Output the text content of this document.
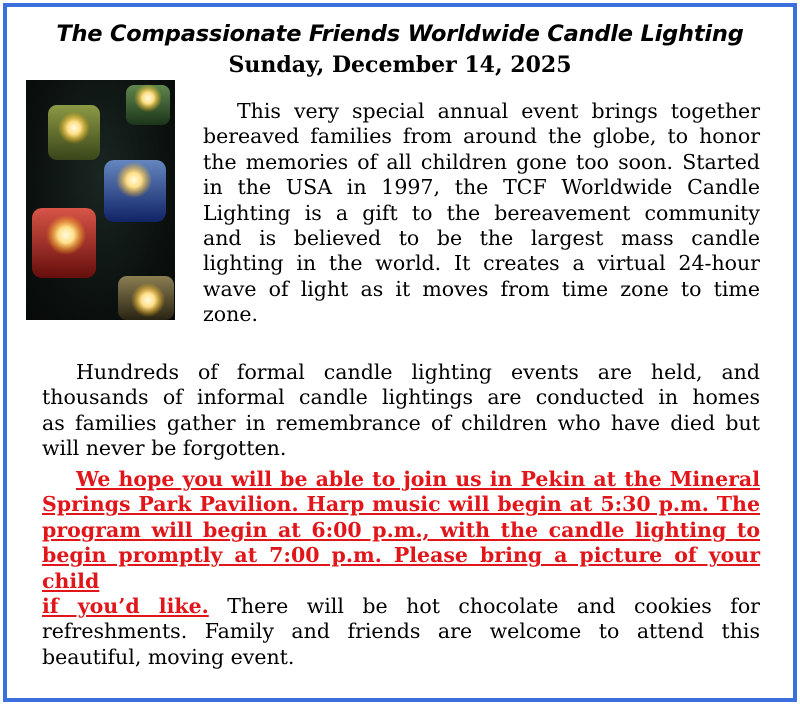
The Compassionate Friends Worldwide Candle Lighting
Sunday, December 14, 2025
This very special annual event brings together
bereaved families from around the globe, to honor
the memories of all children gone too soon. Started
in the USA in 1997, the TCF Worldwide Candle
Lighting is a gift to the bereavement community
and is believed to be the largest mass candle
lighting in the world. It creates a virtual 24-hour
wave of light as it moves from time zone to time
zone.
Hundreds of formal candle lighting events are held, and
thousands of informal candle lightings are conducted in homes
as families gather in remembrance of children who have died but
will never be forgotten.
We hope you will be able to join us in Pekin at the Mineral
Springs Park Pavilion. Harp music will begin at 5:30 p.m. The
program will begin at 6:00 p.m., with the candle lighting to
begin promptly at 7:00 p.m. Please bring a picture of your child
if you’d like. There will be hot chocolate and cookies for
refreshments. Family and friends are welcome to attend this
beautiful, moving event.
